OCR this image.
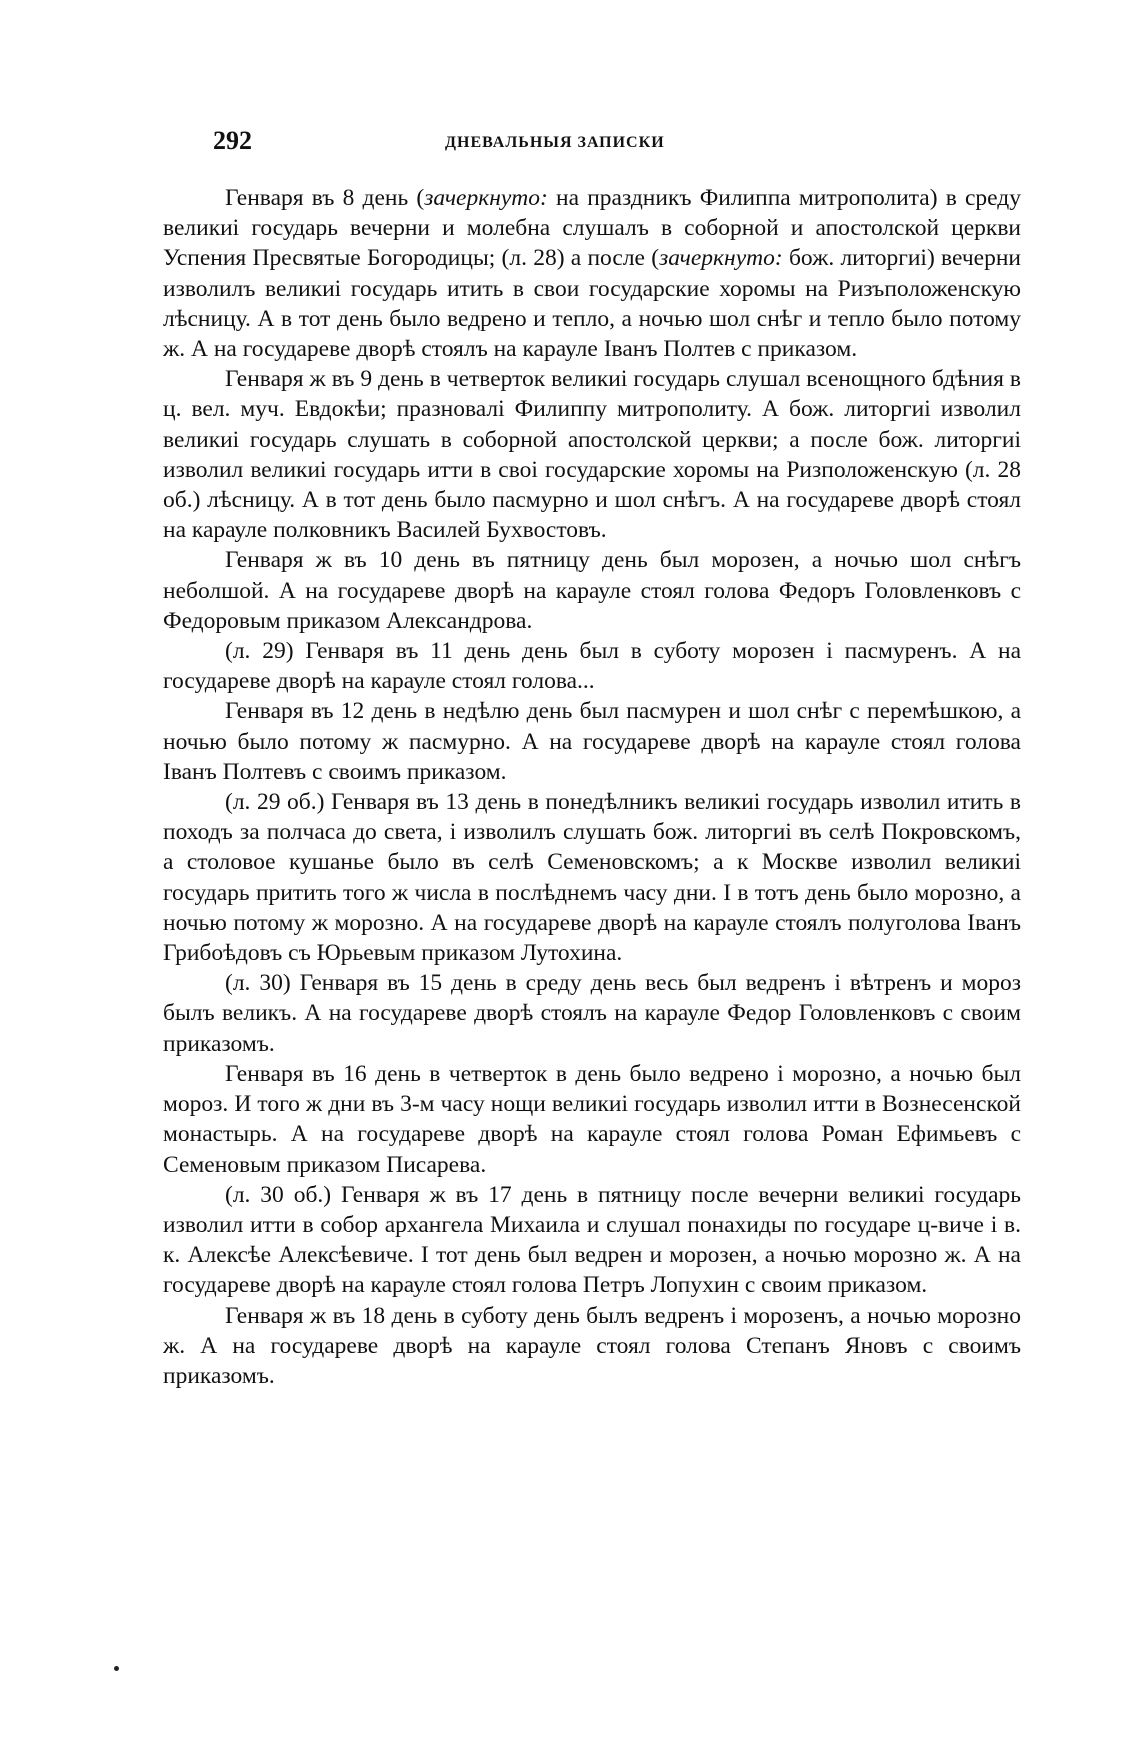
292	ДНЕВАЛЬНЫЯ ЗАПИСКИ

Генваря въ 8 день (зачеркнуто: на праздникъ Филиппа митрополита) в среду великиі государь вечерни и молебна слушалъ в соборной и апостолской церкви Успения Пресвятые Богородицы; (л. 28) а после (зачеркнуто: бож. литоргиі) вечерни изволилъ великиі государь итить в свои государские хоромы на Ризъположенскую лѣсницу. А в тот день было ведрено и тепло, а ночью шол снѣг и тепло было потому ж. А на государеве дворѣ стоялъ на карауле Іванъ Полтев с приказом.

Генваря ж въ 9 день в четверток великиі государь слушал всенощного бдѣния в ц. вел. муч. Евдокѣи; празновалі Филиппу митрополиту. А бож. литоргиі изволил великиі государь слушать в соборной апостолской церкви; а после бож. литоргиі изволил великиі государь итти в своі государские хоромы на Ризположенскую (л. 28 об.) лѣсницу. А в тот день было пасмурно и шол снѣгъ. А на государеве дворѣ стоял на карауле полковникъ Василей Бухвостовъ.

Генваря ж въ 10 день въ пятницу день был морозен, а ночью шол снѣгъ неболшой. А на государеве дворѣ на карауле стоял голова Федоръ Головленковъ с Федоровым приказом Александрова.

(л. 29) Генваря въ 11 день день был в суботу морозен і пасмуренъ. А на государеве дворѣ на карауле стоял голова...

Генваря въ 12 день в недѣлю день был пасмурен и шол снѣг с перемѣшкою, а ночью было потому ж пасмурно. А на государеве дворѣ на карауле стоял голова Іванъ Полтевъ с своимъ приказом.

(л. 29 об.) Генваря въ 13 день в понедѣлникъ великиі государь изволил итить в походъ за полчаса до света, і изволилъ слушать бож. литоргиі въ селѣ Покровскомъ, а столовое кушанье было въ селѣ Семеновскомъ; а к Москве изволил великиі государь притить того ж числа в послѣднемъ часу дни. І в тотъ день было морозно, а ночью потому ж морозно. А на государеве дворѣ на карауле стоялъ полуголова Іванъ Грибоѣдовъ съ Юрьевым приказом Лутохина.

(л. 30) Генваря въ 15 день в среду день весь был ведренъ і вѣтренъ и мороз былъ великъ. А на государеве дворѣ стоялъ на карауле Федор Головленковъ с своим приказомъ.

Генваря въ 16 день в четверток в день было ведрено і морозно, а ночью был мороз. И того ж дни въ 3-м часу нощи великиі государь изволил итти в Вознесенской монастырь. А на государеве дворѣ на карауле стоял голова Роман Ефимьевъ с Семеновым приказом Писарева.

(л. 30 об.) Генваря ж въ 17 день в пятницу после вечерни великиі государь изволил итти в собор архангела Михаила и слушал понахиды по государе ц-виче і в. к. Алексѣе Алексѣевиче. І тот день был ведрен и морозен, а ночью морозно ж. А на государеве дворѣ на карауле стоял голова Петръ Лопухин с своим приказом.

Генваря ж въ 18 день в суботу день былъ ведренъ і морозенъ, а ночью морозно ж. А на государеве дворѣ на карауле стоял голова Степанъ Яновъ с своимъ приказомъ.
